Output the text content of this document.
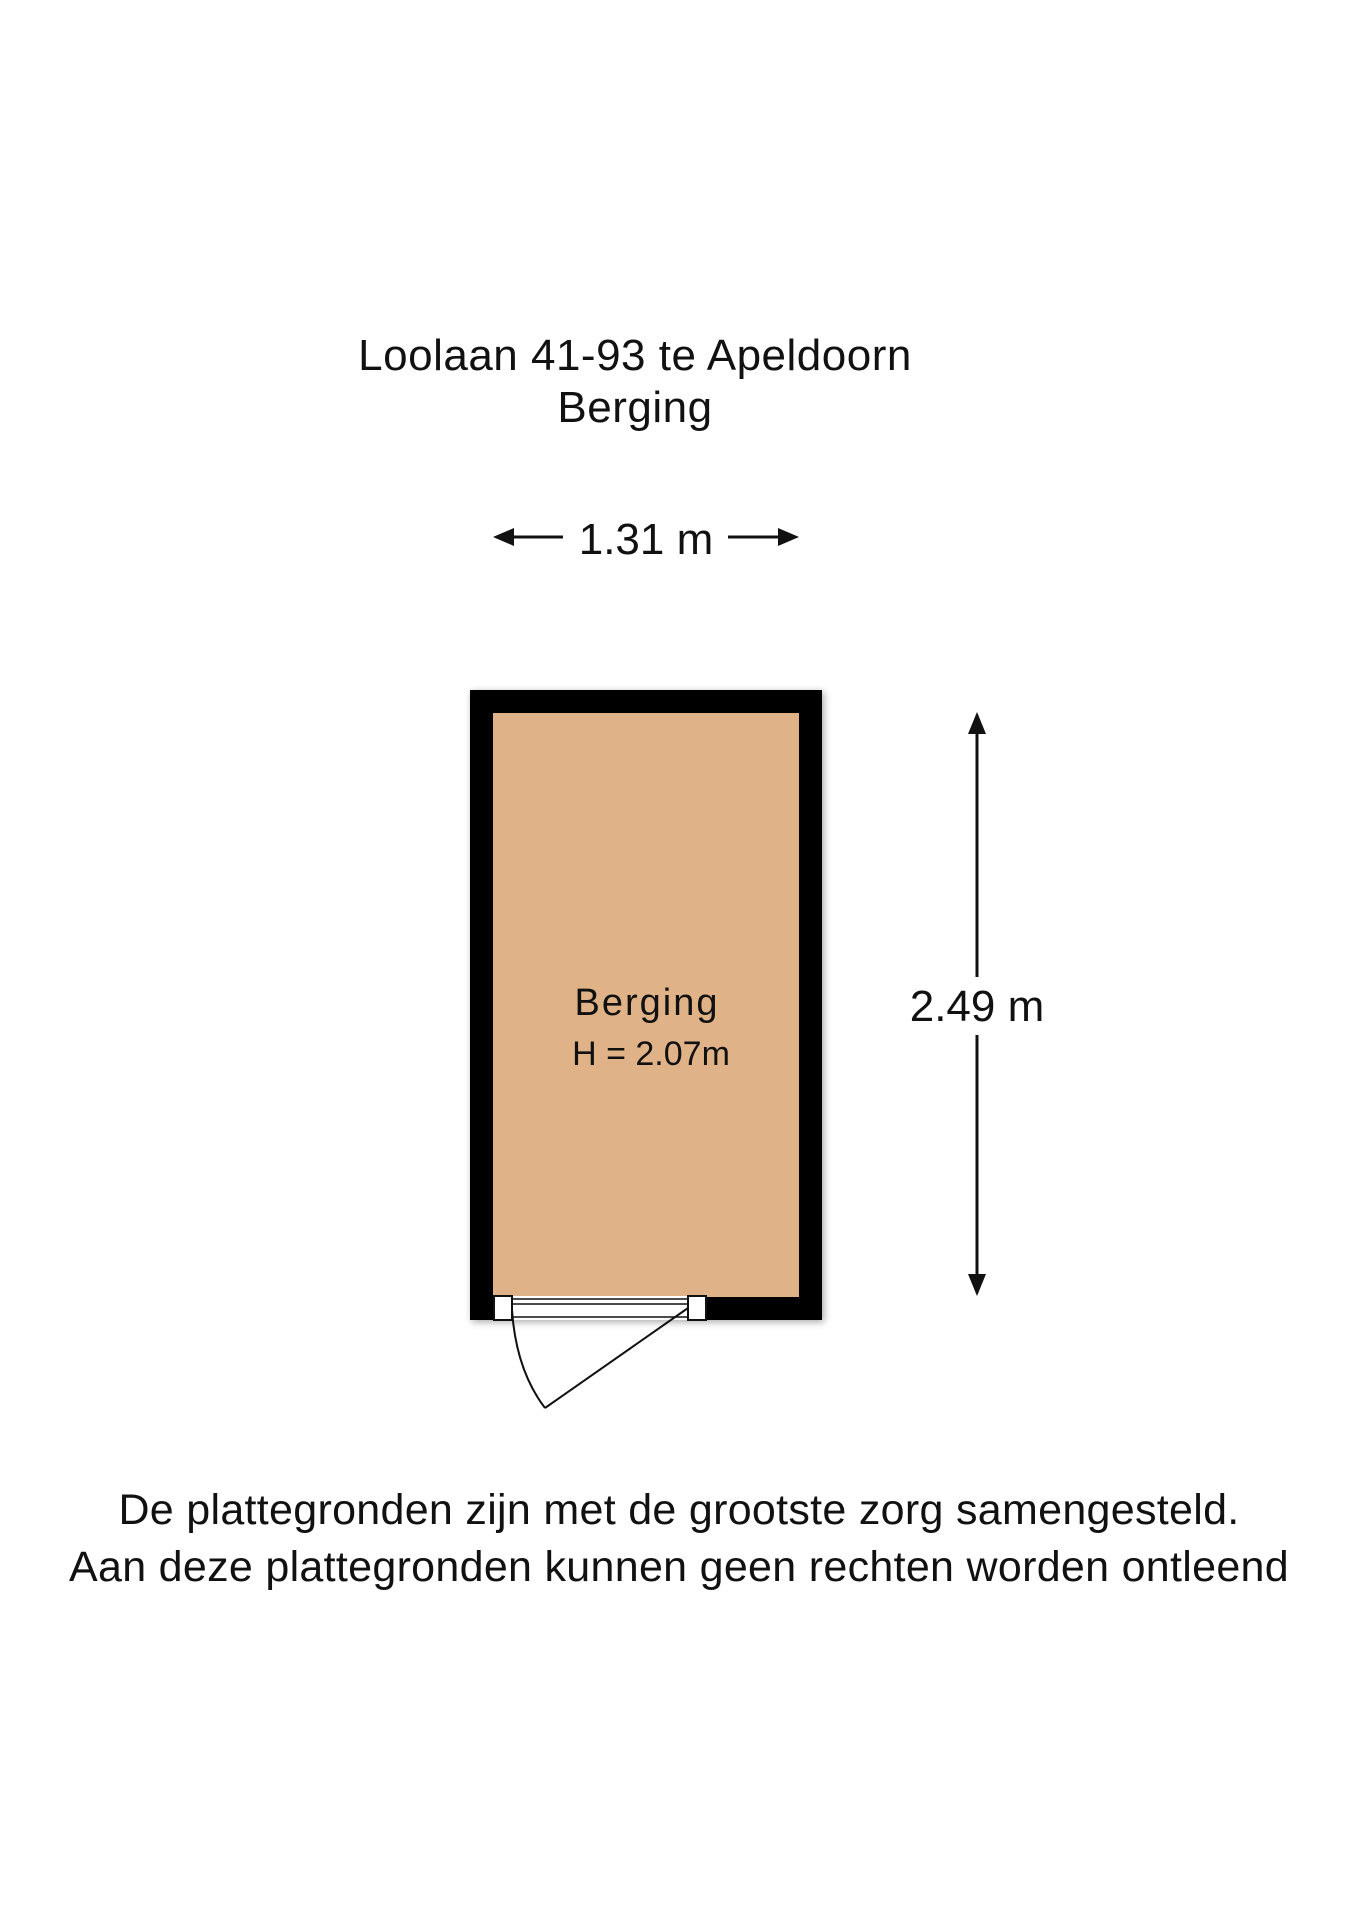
Loolaan 41-93 te Apeldoorn
Berging
1.31 m
Berging
H = 2.07m
2.49 m
De plattegronden zijn met de grootste zorg samengesteld.
Aan deze plattegronden kunnen geen rechten worden ontleend
